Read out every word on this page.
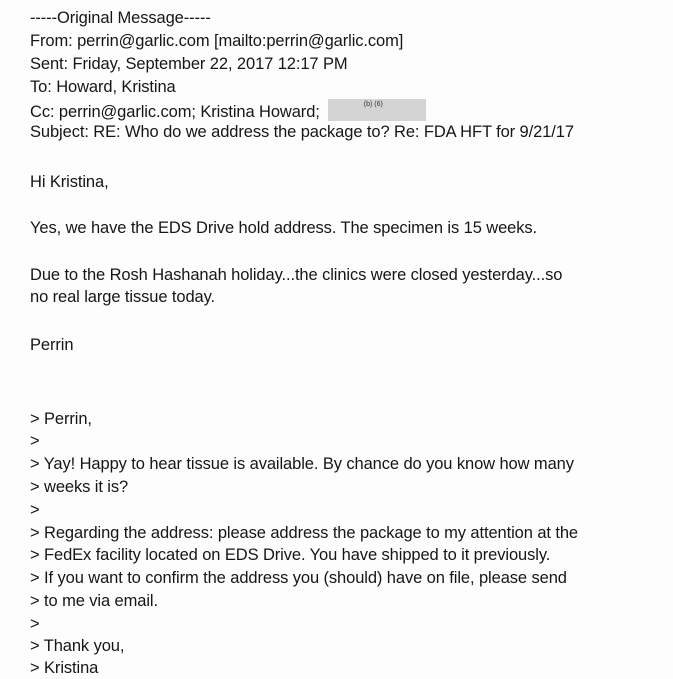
-----Original Message-----
From: perrin@garlic.com [mailto:perrin@garlic.com]
Sent: Friday, September 22, 2017 12:17 PM
To: Howard, Kristina
Cc: perrin@garlic.com; Kristina Howard;	(b) (6)
Subject: RE: Who do we address the package to? Re: FDA HFT for 9/21/17
Hi Kristina,
Yes, we have the EDS Drive hold address. The specimen is 15 weeks.
Due to the Rosh Hashanah holiday...the clinics were closed yesterday...so
no real large tissue today.
Perrin
> Perrin,
>
> Yay! Happy to hear tissue is available. By chance do you know how many
> weeks it is?
>
> Regarding the address: please address the package to my attention at the
> FedEx facility located on EDS Drive. You have shipped to it previously.
> If you want to confirm the address you (should) have on file, please send
> to me via email.
>
> Thank you,
> Kristina
